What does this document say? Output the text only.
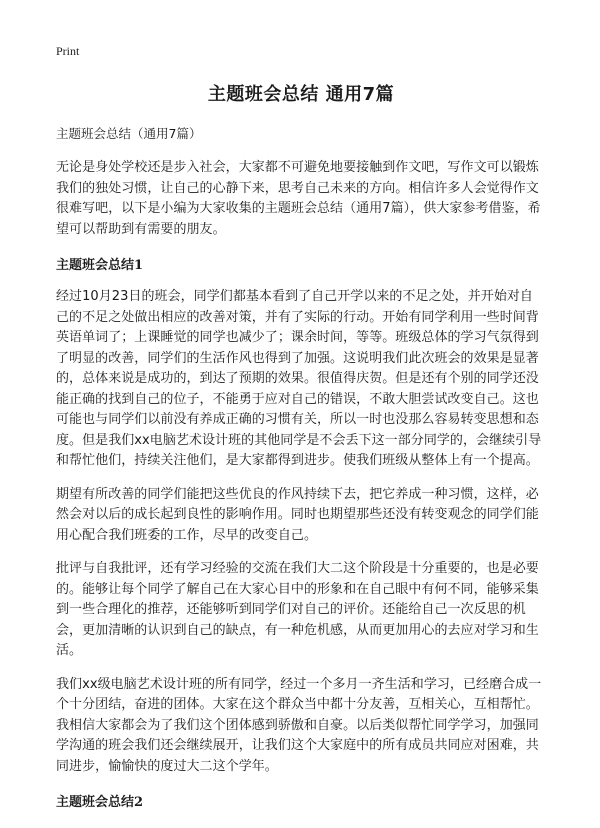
Print
主题班会总结 通用7篇
主题班会总结（通用7篇）

无论是身处学校还是步入社会，大家都不可避免地要接触到作文吧，写作文可以锻炼我们的独处习惯，让自己的心静下来，思考自己未来的方向。相信许多人会觉得作文很难写吧，以下是小编为大家收集的主题班会总结（通用7篇），供大家参考借鉴，希望可以帮助到有需要的朋友。

主题班会总结1

经过10月23日的班会，同学们都基本看到了自己开学以来的不足之处，并开始对自己的不足之处做出相应的改善对策，并有了实际的行动。开始有同学利用一些时间背英语单词了；上课睡觉的同学也减少了；课余时间，等等。班级总体的学习气氛得到了明显的改善，同学们的生活作风也得到了加强。这说明我们此次班会的效果是显著的，总体来说是成功的，到达了预期的效果。很值得庆贺。但是还有个别的同学还没能正确的找到自己的位子，不能勇于应对自己的错误，不敢大胆尝试改变自己。这也可能也与同学们以前没有养成正确的习惯有关，所以一时也没那么容易转变思想和态度。但是我们xx电脑艺术设计班的其他同学是不会丢下这一部分同学的，会继续引导和帮忙他们，持续关注他们，是大家都得到进步。使我们班级从整体上有一个提高。

期望有所改善的同学们能把这些优良的作风持续下去，把它养成一种习惯，这样，必然会对以后的成长起到良性的影响作用。同时也期望那些还没有转变观念的同学们能用心配合我们班委的工作，尽早的改变自己。

批评与自我批评，还有学习经验的交流在我们大二这个阶段是十分重要的，也是必要的。能够让每个同学了解自己在大家心目中的形象和在自己眼中有何不同，能够采集到一些合理化的推荐，还能够听到同学们对自己的评价。还能给自己一次反思的机会，更加清晰的认识到自己的缺点，有一种危机感，从而更加用心的去应对学习和生活。

我们xx级电脑艺术设计班的所有同学，经过一个多月一齐生活和学习，已经磨合成一个十分团结，奋进的团体。大家在这个群众当中都十分友善，互相关心，互相帮忙。我相信大家都会为了我们这个团体感到骄傲和自豪。以后类似帮忙同学学习，加强同学沟通的班会我们还会继续展开，让我们这个大家庭中的所有成员共同应对困难，共同进步，愉愉快的度过大二这个学年。

主题班会总结2
